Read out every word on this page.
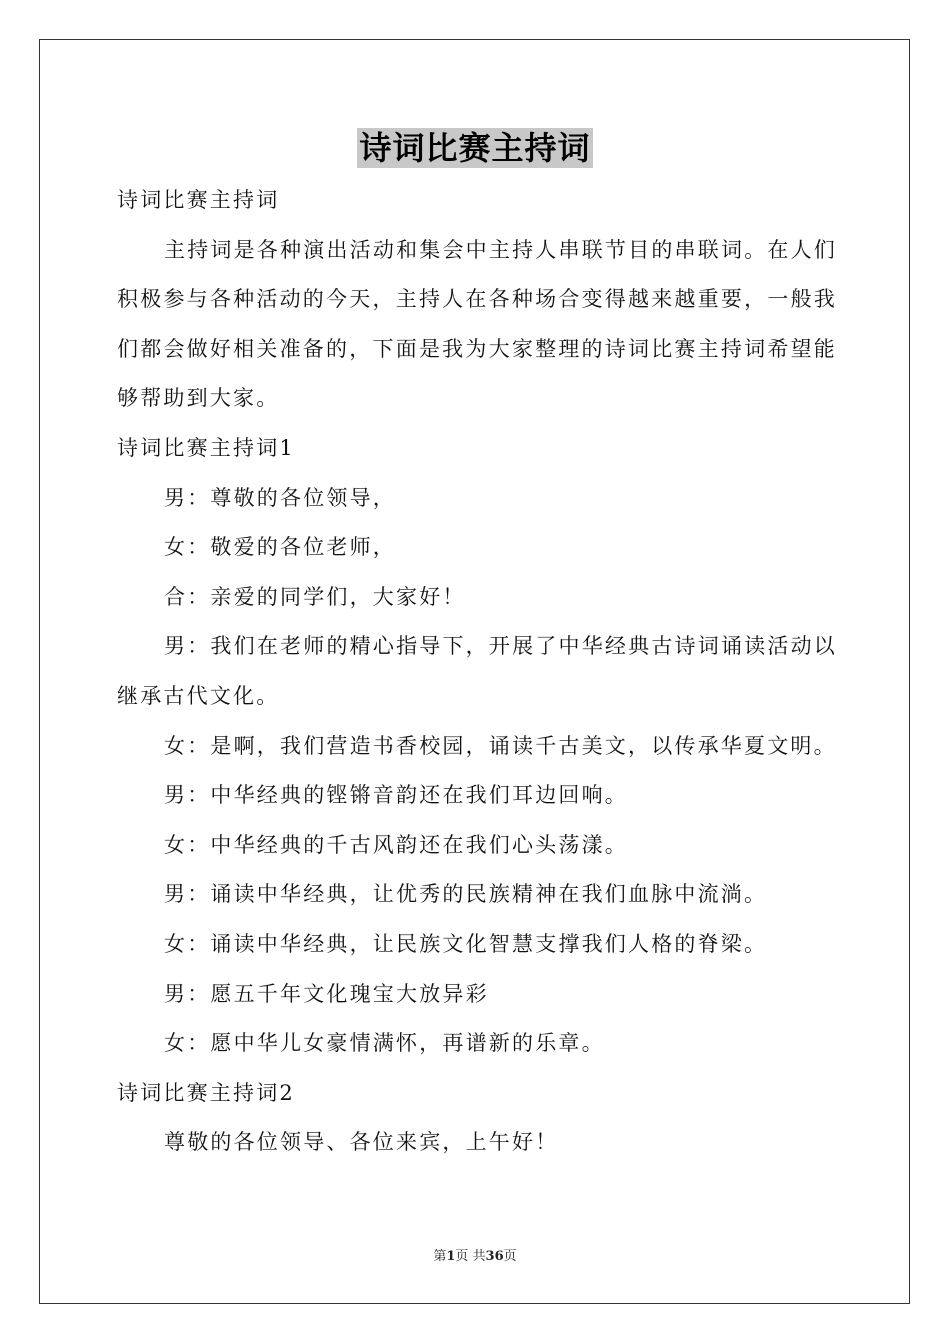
诗词比赛主持词
诗词比赛主持词
主持词是各种演出活动和集会中主持人串联节目的串联词。在人们积极参与各种活动的今天，主持人在各种场合变得越来越重要，一般我们都会做好相关准备的，下面是我为大家整理的诗词比赛主持词希望能够帮助到大家。
诗词比赛主持词1
男：尊敬的各位领导，
女：敬爱的各位老师，
合：亲爱的同学们，大家好！
男：我们在老师的精心指导下，开展了中华经典古诗词诵读活动以继承古代文化。
女：是啊，我们营造书香校园，诵读千古美文，以传承华夏文明。
男：中华经典的铿锵音韵还在我们耳边回响。
女：中华经典的千古风韵还在我们心头荡漾。
男：诵读中华经典，让优秀的民族精神在我们血脉中流淌。
女：诵读中华经典，让民族文化智慧支撑我们人格的脊梁。
男：愿五千年文化瑰宝大放异彩
女：愿中华儿女豪情满怀，再谱新的乐章。
诗词比赛主持词2
尊敬的各位领导、各位来宾，上午好！
第1页 共36页
